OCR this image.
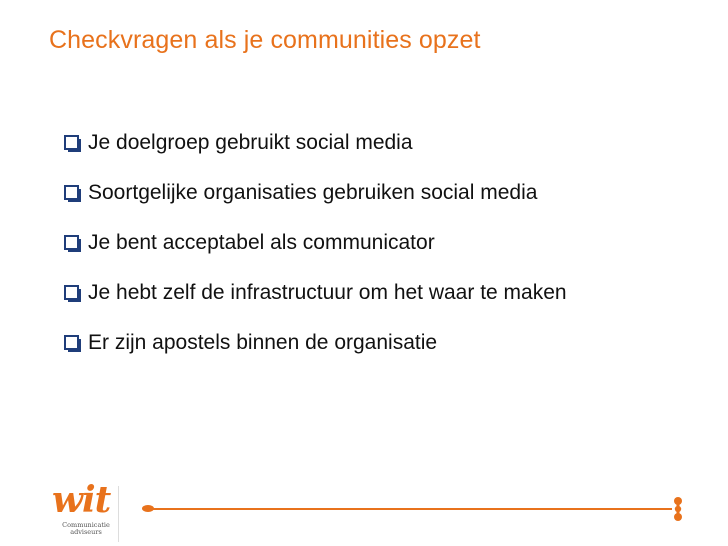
Checkvragen als je communities opzet
Je doelgroep gebruikt social media
Soortgelijke organisaties gebruiken social media
Je bent acceptabel als communicator
Je hebt zelf de infrastructuur om het waar te maken
Er zijn apostels binnen de organisatie
wit
Communicatie
adviseurs
